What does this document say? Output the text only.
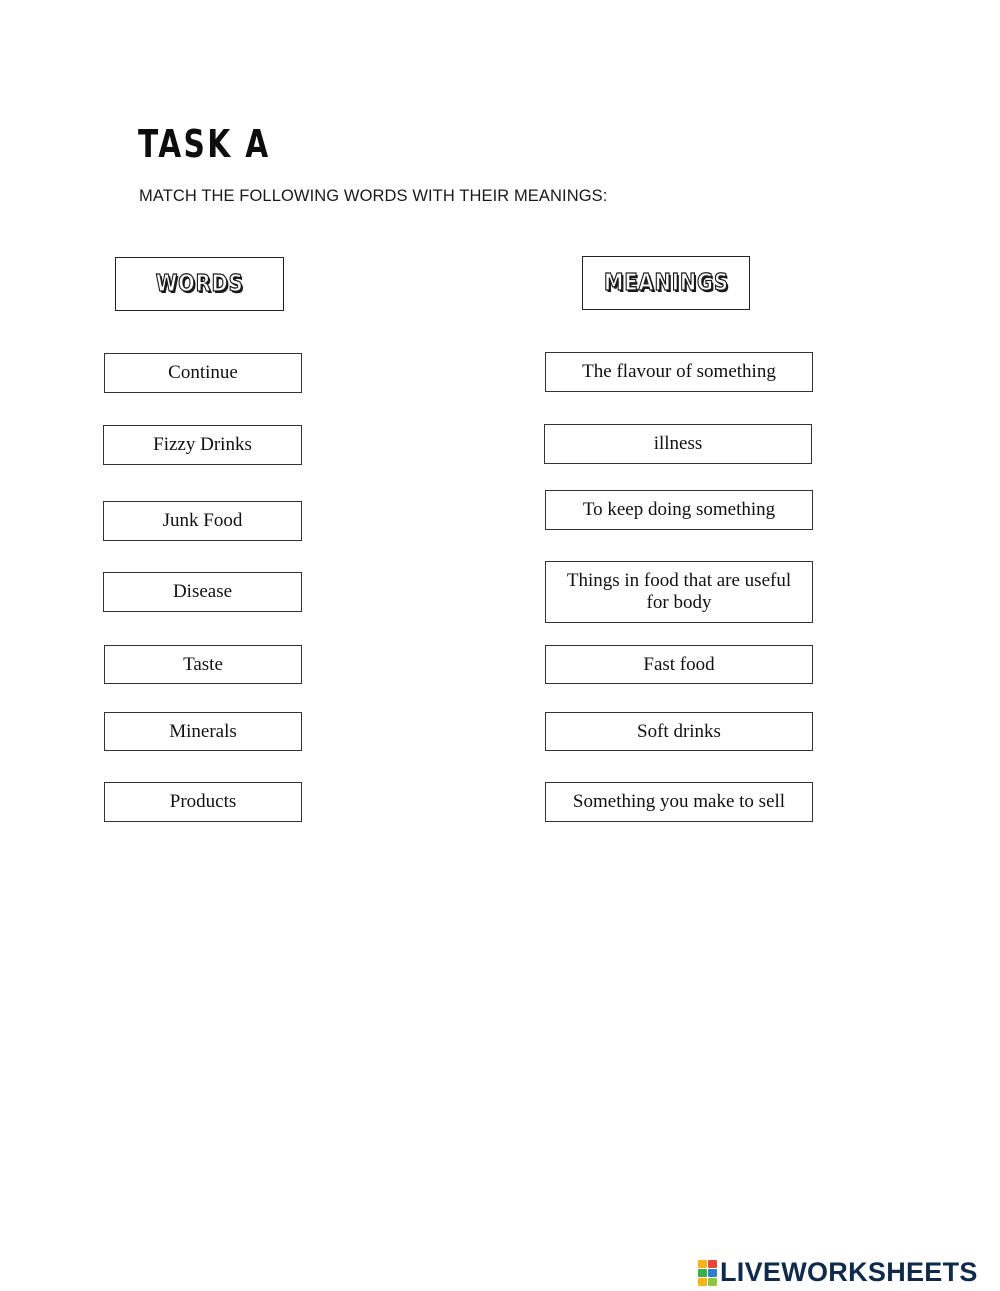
TASK A
MATCH THE FOLLOWING WORDS WITH THEIR MEANINGS:
WORDS	MEANINGS
Continue
Fizzy Drinks
Junk Food
Disease
Taste
Minerals
Products
The flavour of something
illness
To keep doing something
Things in food that are useful for body
Fast food
Soft drinks
Something you make to sell
LIVEWORKSHEETS
